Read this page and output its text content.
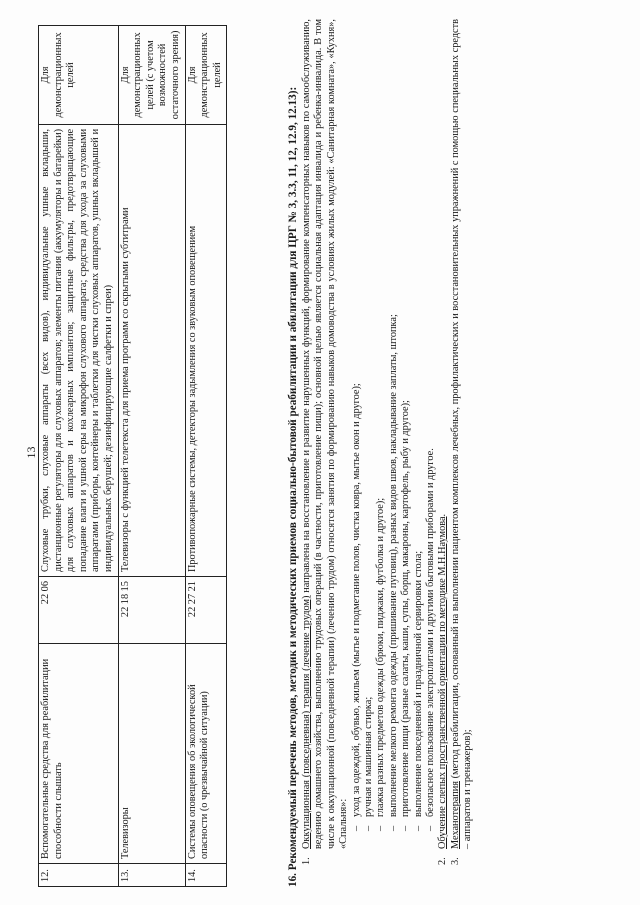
13
12.	Вспомогательные средства для реабилитации способности слышать	22 06	Слуховые трубки, слуховые аппараты (всех видов), индивидуальные ушные вкладыши, дистанционные регуляторы для слуховых аппаратов; элементы питания (аккумуляторы и батарейки) для слуховых аппаратов и кохлеарных имплантов; защитные фильтры, предотвращающие попадание влаги и ушной серы на микрофон слухового аппарата; средства для ухода за слуховыми аппаратами (приборы, контейнеры и таблетки для чистки слуховых аппаратов, ушных вкладышей и индивидуальных берушей; дезинфицирующие салфетки и спреи)	Для демонстрационных целей
13.	Телевизоры	22 18 15	Телевизоры с функцией телетекста для приема программ со скрытыми субтитрами	Для демонстрационных целей (с учетом возможностей остаточного зрения)
14.	Системы оповещения об экологической опасности (о чрезвычайной ситуации)	22 27 21	Противопожарные системы, детекторы задымления со звуковым оповещением	Для демонстрационных целей
16. Рекомендуемый перечень методов, методик и методических приемов социально-бытовой реабилитации и абилитации для ЦРГ № 3, 3.3, 11, 12, 12.9, 12.13): 1.
Оккупационная (повседневная) терапия (лечение трудом) направлена на восстановление и развитие нарушенных функций, формирование компенсаторных навыков по самообслуживанию, ведению домашнего хозяйства, выполнению трудовых операций (в частности, приготовление пищи); основной целью является социальная адаптация инвалида и ребенка-инвалида. В том числе к оккупационной (повседневной терапии) (лечению трудом) относятся занятия по формированию навыков домоводства в условиях жилых модулей: «Санитарная комната», «Кухня», «Спальня»: –
уход за одеждой, обувью, жильем (мытье и подметание полов, чистка ковра, мытье окон и другое);
–
ручная и машинная стирка;
–
глажка разных предметов одежды (брюки, пиджаки, футболка и другое);
–
выполнение мелкого ремонта одежды (пришивание пуговиц), разных видов швов, накладывание заплаты, штопка;
–
приготовление пищи (разные салаты, каши, супы, борщ, макароны, картофель, рыбу и другое);
–
выполнение повседневной и праздничной сервировки стола;
–
безопасное пользование электроплитами и другими бытовыми приборами и другое.
2.
Обучение слепых пространственной ориентации по методике М.Н.Наумова.
3.
Механотерапия (метод реабилитации, основанный на выполнении пациентом комплексов лечебных, профилактических и восстановительных упражнений с помощью специальных средств – аппаратов и тренажеров);
